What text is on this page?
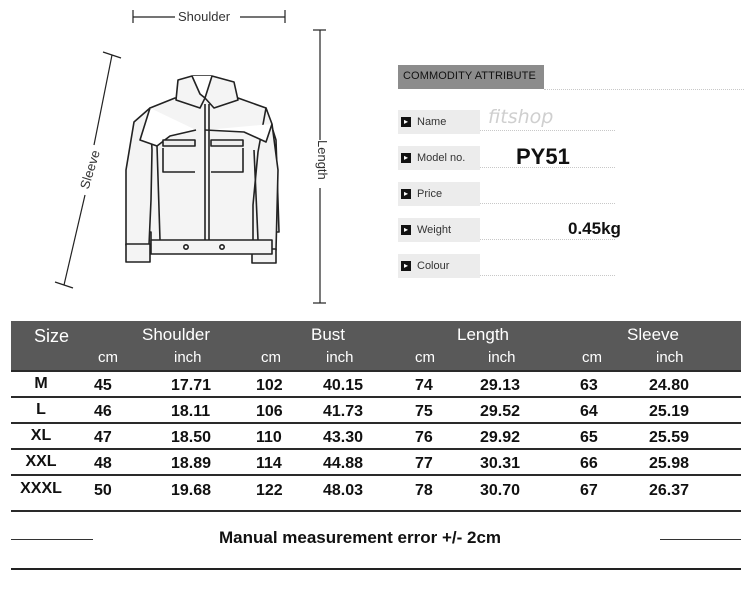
Shoulder
Length
Sleeve
COMMODITY ATTRIBUTE
▸ Name fitshop
▸ Model no. PY51
▸ Price
▸ Weight	0.45kg
▸ Colour
Size	Shoulder	Bust	Length	Sleeve
cm	inch	cm	inch	cm	inch	cm	inch
M	45	17.71	102	40.15	74	29.13	63	24.80
L	46	18.11	106	41.73	75	29.52	64	25.19
XL	47	18.50	110	43.30	76	29.92	65	25.59
XXL	48	18.89	114	44.88	77	30.31	66	25.98
XXXL	50	19.68	122	48.03	78	30.70	67	26.37
Manual measurement error +/- 2cm
